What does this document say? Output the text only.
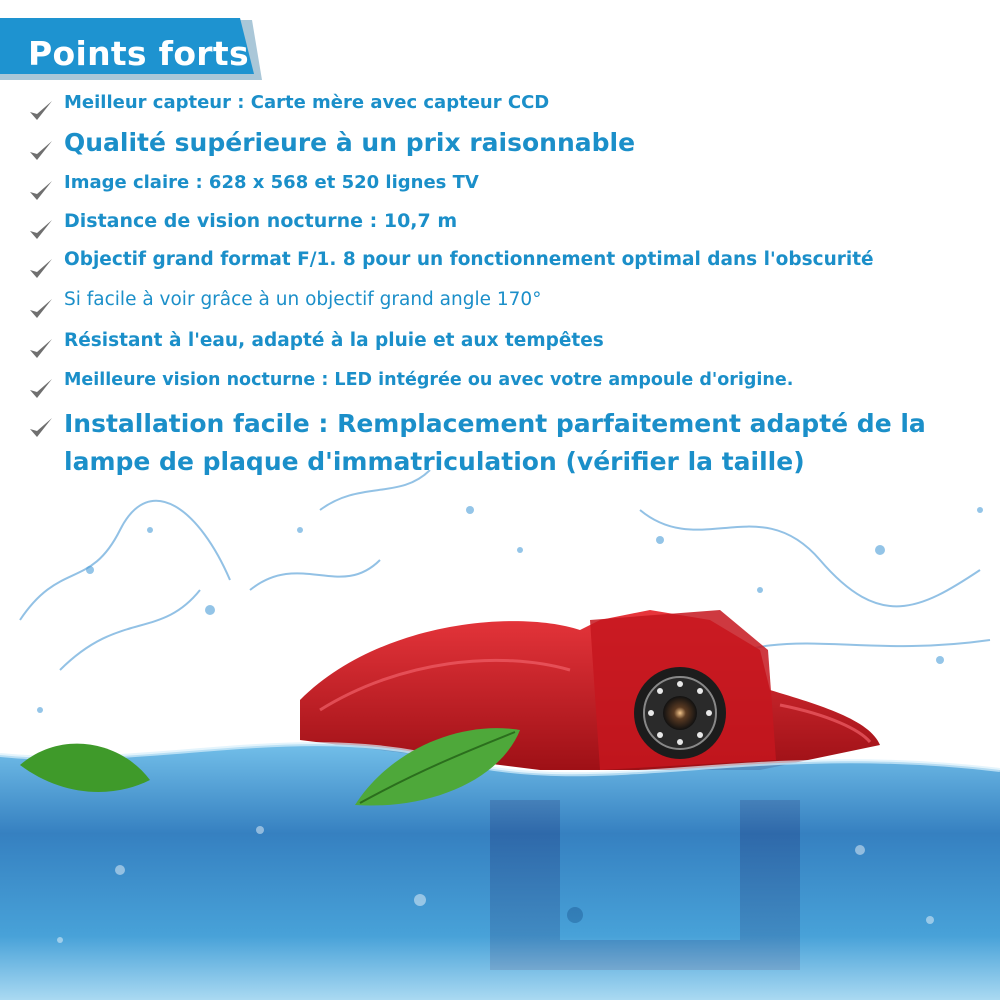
Points forts
Meilleur capteur : Carte mère avec capteur CCD
Qualité supérieure à un prix raisonnable
Image claire : 628 x 568 et 520 lignes TV
Distance de vision nocturne : 10,7 m
Objectif grand format F/1. 8 pour un fonctionnement optimal dans l'obscurité
Si facile à voir grâce à un objectif grand angle 170°
Résistant à l'eau, adapté à la pluie et aux tempêtes
Meilleure vision nocturne : LED intégrée ou avec votre ampoule d'origine.
Installation facile : Remplacement parfaitement adapté de la lampe de plaque d'immatriculation (vérifier la taille)
